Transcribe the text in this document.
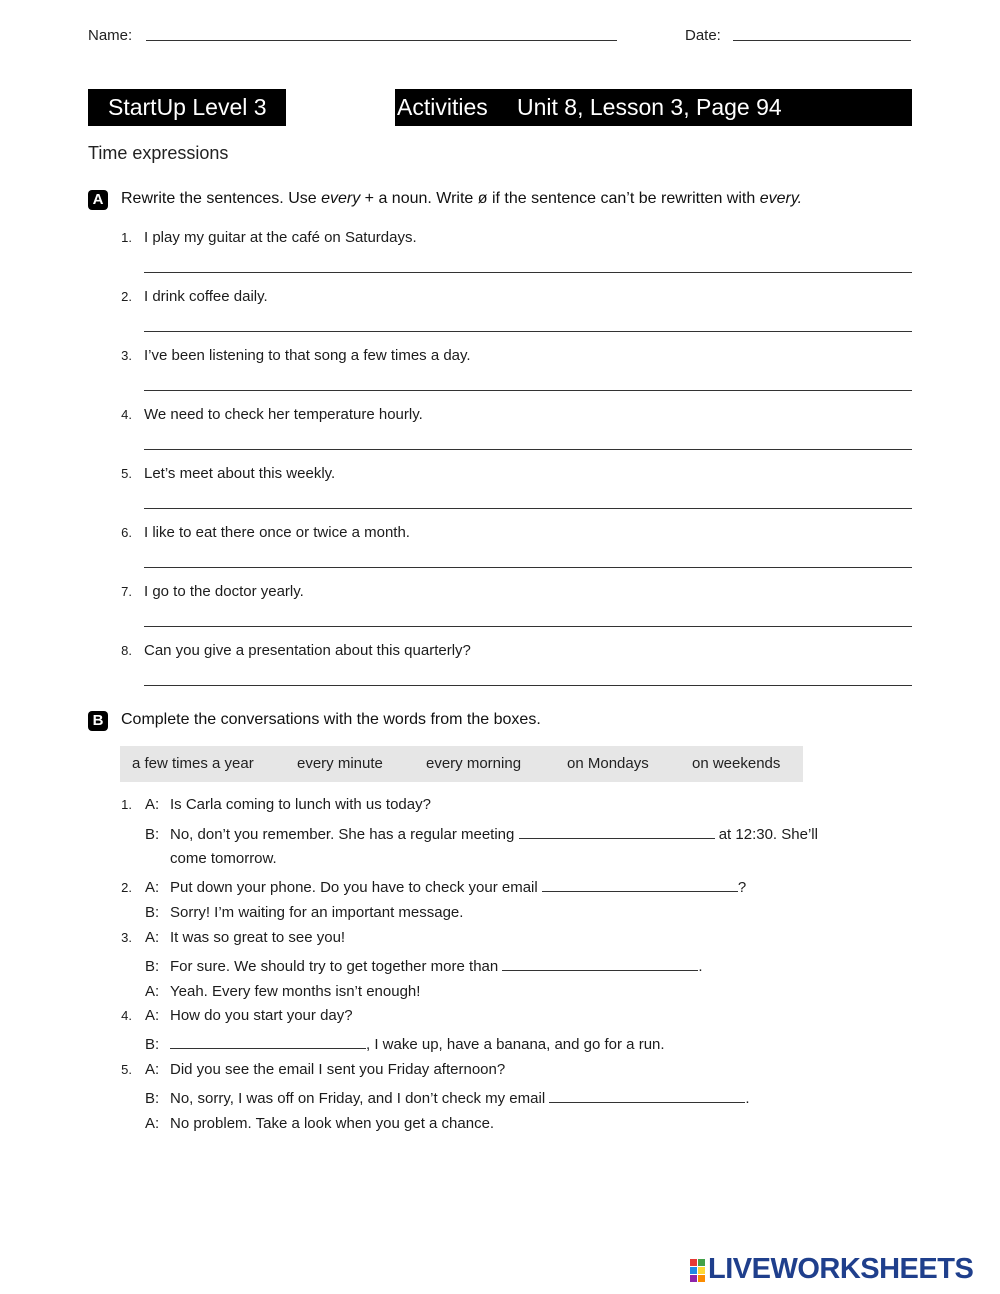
Name:	Date:
StartUp Level 3	Activities Unit 8, Lesson 3, Page 94
Time expressions
A Rewrite the sentences. Use every + a noun. Write ø if the sentence can’t be rewritten with every.
1. I play my guitar at the café on Saturdays.
2. I drink coffee daily.
3. I’ve been listening to that song a few times a day.
4. We need to check her temperature hourly.
5. Let’s meet about this weekly.
6. I like to eat there once or twice a month.
7. I go to the doctor yearly.
8. Can you give a presentation about this quarterly?
B Complete the conversations with the words from the boxes.
a few times a year	every minute	every morning	on Mondays	on weekends
1. A: Is Carla coming to lunch with us today?
B: No, don’t you remember. She has a regular meeting	at 12:30. She’ll
come tomorrow.
2. A: Put down your phone. Do you have to check your email	?
B: Sorry! I’m waiting for an important message.
3. A: It was so great to see you!
B: For sure. We should try to get together more than	.
A: Yeah. Every few months isn’t enough!
4. A: How do you start your day?
B:	, I wake up, have a banana, and go for a run.
5. A: Did you see the email I sent you Friday afternoon?
B: No, sorry, I was off on Friday, and I don’t check my email	.
A: No problem. Take a look when you get a chance.
LIVEWORKSHEETS
